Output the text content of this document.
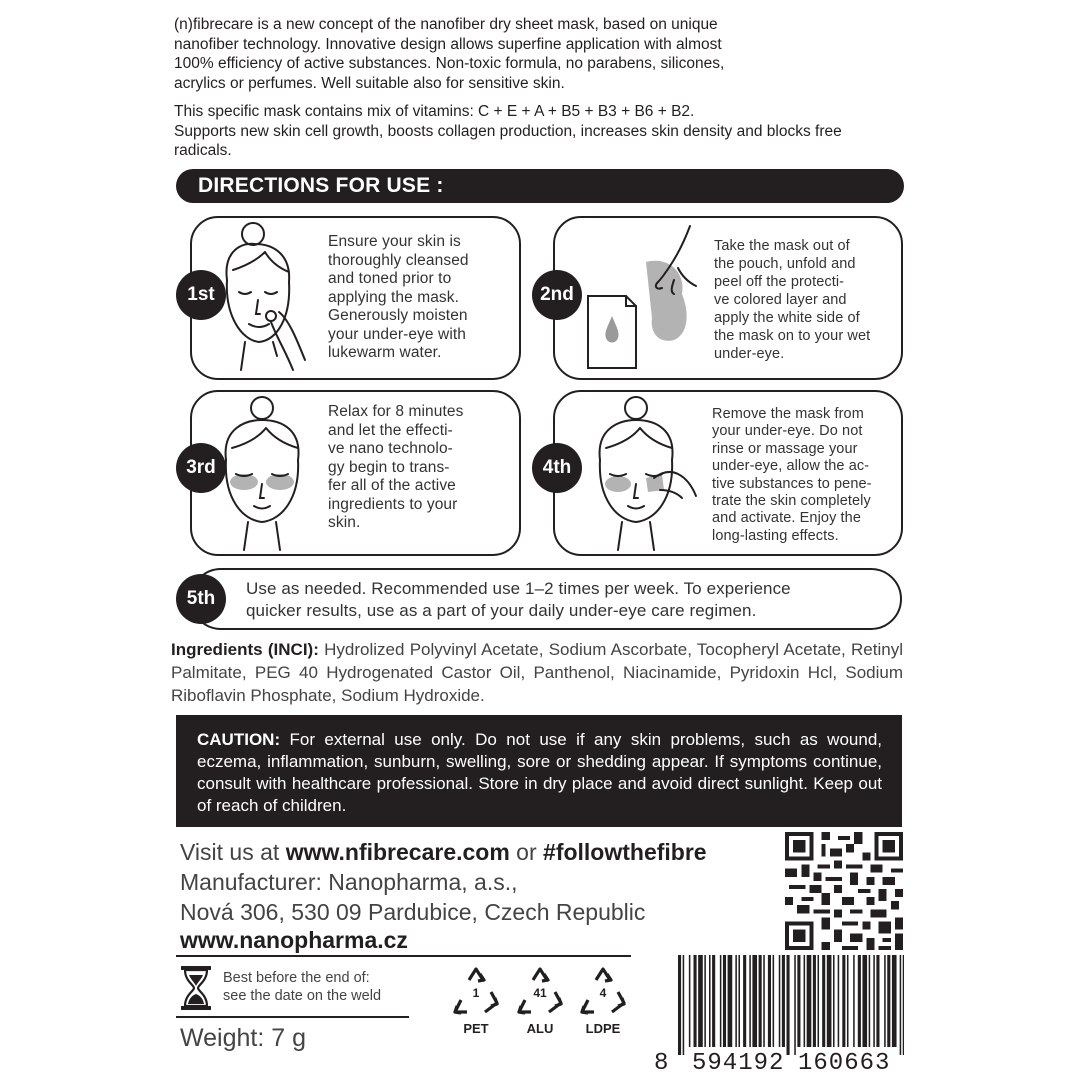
(n)fibrecare is a new concept of the nanofiber dry sheet mask, based on unique

nanofiber technology. Innovative design allows superfine application with almost

100% efficiency of active substances. Non-toxic formula, no parabens, silicones,

acrylics or perfumes. Well suitable also for sensitive skin.

This specific mask contains mix of vitamins: C + E + A + B5 + B3 + B6 + B2.

Supports new skin cell growth, boosts collagen production, increases skin density and blocks free

radicals.

DIRECTIONS FOR USE :
1st
Ensure your skin is
thoroughly cleansed
and toned prior to
applying the mask.
Generously moisten
your under-eye with
lukewarm water.
2nd
Take the mask out of
the pouch, unfold and
peel off the protecti-
ve colored layer and
apply the white side of
the mask on to your wet
under-eye.
3rd
Relax for 8 minutes
and let the effecti-
ve nano technolo-
gy begin to trans-
fer all of the active
ingredients to your
skin.
4th
Remove the mask from
your under-eye. Do not
rinse or massage your
under-eye, allow the ac-
tive substances to pene-
trate the skin completely
and activate. Enjoy the
long-lasting effects.
5th	Use as needed. Recommended use 1–2 times per week. To experience
quicker results, use as a part of your daily under-eye care regimen.

Ingredients (INCI): Hydrolized Polyvinyl Acetate, Sodium Ascorbate, Tocopheryl Acetate, Retinyl Palmitate, PEG 40 Hydrogenated Castor Oil, Panthenol, Niacinamide, Pyridoxin Hcl, Sodium Riboflavin Phosphate, Sodium Hydroxide.

CAUTION: For external use only. Do not use if any skin problems, such as wound, eczema, inflammation, sunburn, swelling, sore or shedding appear. If symptoms continue, consult with healthcare professional. Store in dry place and avoid direct sunlight. Keep out of reach of children.
Visit us at www.nfibrecare.com or #followthefibre
Manufacturer: Nanopharma, a.s.,
Nová 306, 530 09 Pardubice, Czech Republic
www.nanopharma.cz
Best before the end of:
see the date on the weld
Weight: 7 g
1
PET
41
ALU
4
LDPE
8 594192 160663
